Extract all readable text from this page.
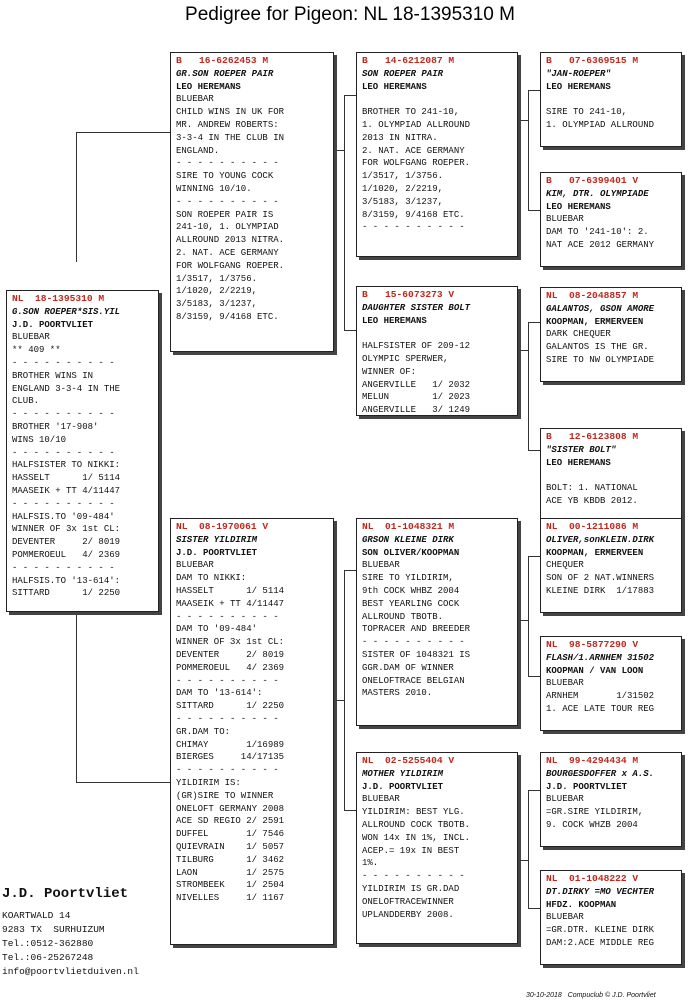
Pedigree for Pigeon: NL 18-1395310 M
NL  18-1395310 M
G.SON ROEPER*SIS.YIL
J.D. POORTVLIET
BLUEBAR
** 409 **
- - - - - - - - - -
BROTHER WINS IN
ENGLAND 3-3-4 IN THE
CLUB.
- - - - - - - - - -
BROTHER '17-908'
WINS 10/10
- - - - - - - - - -
HALFSISTER TO NIKKI:
HASSELT      1/ 5114
MAASEIK + TT 4/11447
- - - - - - - - - -
HALFSIS.TO '09-484'
WINNER OF 3x 1st CL:
DEVENTER     2/ 8019
POMMEROEUL   4/ 2369
- - - - - - - - - -
HALFSIS.TO '13-614':
SITTARD      1/ 2250
B   16-6262453 M
GR.SON ROEPER PAIR
LEO HEREMANS
BLUEBAR
CHILD WINS IN UK FOR
MR. ANDREW ROBERTS:
3-3-4 IN THE CLUB IN
ENGLAND.
- - - - - - - - - -
SIRE TO YOUNG COCK
WINNING 10/10.
- - - - - - - - - -
SON ROEPER PAIR IS
241-10, 1. OLYMPIAD
ALLROUND 2013 NITRA.
2. NAT. ACE GERMANY
FOR WOLFGANG ROEPER.
1/3517, 1/3756.
1/1020, 2/2219,
3/5183, 3/1237,
8/3159, 9/4168 ETC.
NL  08-1970061 V
SISTER YILDIRIM
J.D. POORTVLIET
BLUEBAR
DAM TO NIKKI:
HASSELT      1/ 5114
MAASEIK + TT 4/11447
- - - - - - - - - -
DAM TO '09-484'
WINNER OF 3x 1st CL:
DEVENTER     2/ 8019
POMMEROEUL   4/ 2369
- - - - - - - - - -
DAM TO '13-614':
SITTARD      1/ 2250
- - - - - - - - - -
GR.DAM TO:
CHIMAY       1/16989
BIERGES     14/17135
- - - - - - - - - -
YILDIRIM IS:
(GR)SIRE TO WINNER
ONELOFT GERMANY 2008
ACE SD REGIO 2/ 2591
DUFFEL       1/ 7546
QUIEVRAIN    1/ 5057
TILBURG      1/ 3462
LAON         1/ 2575
STROMBEEK    1/ 2504
NIVELLES     1/ 1167
B   14-6212087 M
SON ROEPER PAIR
LEO HEREMANS

BROTHER TO 241-10,
1. OLYMPIAD ALLROUND
2013 IN NITRA.
2. NAT. ACE GERMANY
FOR WOLFGANG ROEPER.
1/3517, 1/3756.
1/1020, 2/2219,
3/5183, 3/1237,
8/3159, 9/4168 ETC.
- - - - - - - - - -
B   15-6073273 V
DAUGHTER SISTER BOLT
LEO HEREMANS

HALFSISTER OF 209-12
OLYMPIC SPERWER,
WINNER OF:
ANGERVILLE   1/ 2032
MELUN        1/ 2023
ANGERVILLE   3/ 1249
NL  01-1048321 M
GRSON KLEINE DIRK
SON OLIVER/KOOPMAN
BLUEBAR
SIRE TO YILDIRIM,
9th COCK WHBZ 2004
BEST YEARLING COCK
ALLROUND TBOTB.
TOPRACER AND BREEDER
- - - - - - - - - -
SISTER OF 1048321 IS
GGR.DAM OF WINNER
ONELOFTRACE BELGIAN
MASTERS 2010.
NL  02-5255404 V
MOTHER YILDIRIM
J.D. POORTVLIET
BLUEBAR
YILDIRIM: BEST YLG.
ALLROUND COCK TBOTB.
WON 14x IN 1%, INCL.
ACEP.= 19x IN BEST
1%.
- - - - - - - - - -
YILDIRIM IS GR.DAD
ONELOFTRACEWINNER
UPLANDDERBY 2008.
B   07-6369515 M
"JAN-ROEPER"
LEO HEREMANS

SIRE TO 241-10,
1. OLYMPIAD ALLROUND
B   07-6399401 V
KIM, DTR. OLYMPIADE
LEO HEREMANS
BLUEBAR
DAM TO '241-10': 2.
NAT ACE 2012 GERMANY
NL  08-2048857 M
GALANTOS, GSON AMORE
KOOPMAN, ERMERVEEN
DARK CHEQUER
GALANTOS IS THE GR.
SIRE TO NW OLYMPIADE
B   12-6123808 M
"SISTER BOLT"
LEO HEREMANS

BOLT: 1. NATIONAL
ACE YB KBDB 2012.
NL  00-1211086 M
OLIVER,sonKLEIN.DIRK
KOOPMAN, ERMERVEEN
CHEQUER
SON OF 2 NAT.WINNERS
KLEINE DIRK  1/17883
NL  98-5877290 V
FLASH/1.ARNHEM 31502
KOOPMAN / VAN LOON
BLUEBAR
ARNHEM       1/31502
1. ACE LATE TOUR REG
NL  99-4294434 M
BOURGESDOFFER x A.S.
J.D. POORTVLIET
BLUEBAR
=GR.SIRE YILDIRIM,
9. COCK WHZB 2004
NL  01-1048222 V
DT.DIRKY =MO VECHTER
HFDZ. KOOPMAN
BLUEBAR
=GR.DTR. KLEINE DIRK
DAM:2.ACE MIDDLE REG
J.D. Poortvliet
KOARTWALD 14
9283 TX  SURHUIZUM
Tel.:0512-362880
Tel.:06-25267248
info@poortvlietduiven.nl
30-10-2018   Compuclub © J.D. Poortvliet
